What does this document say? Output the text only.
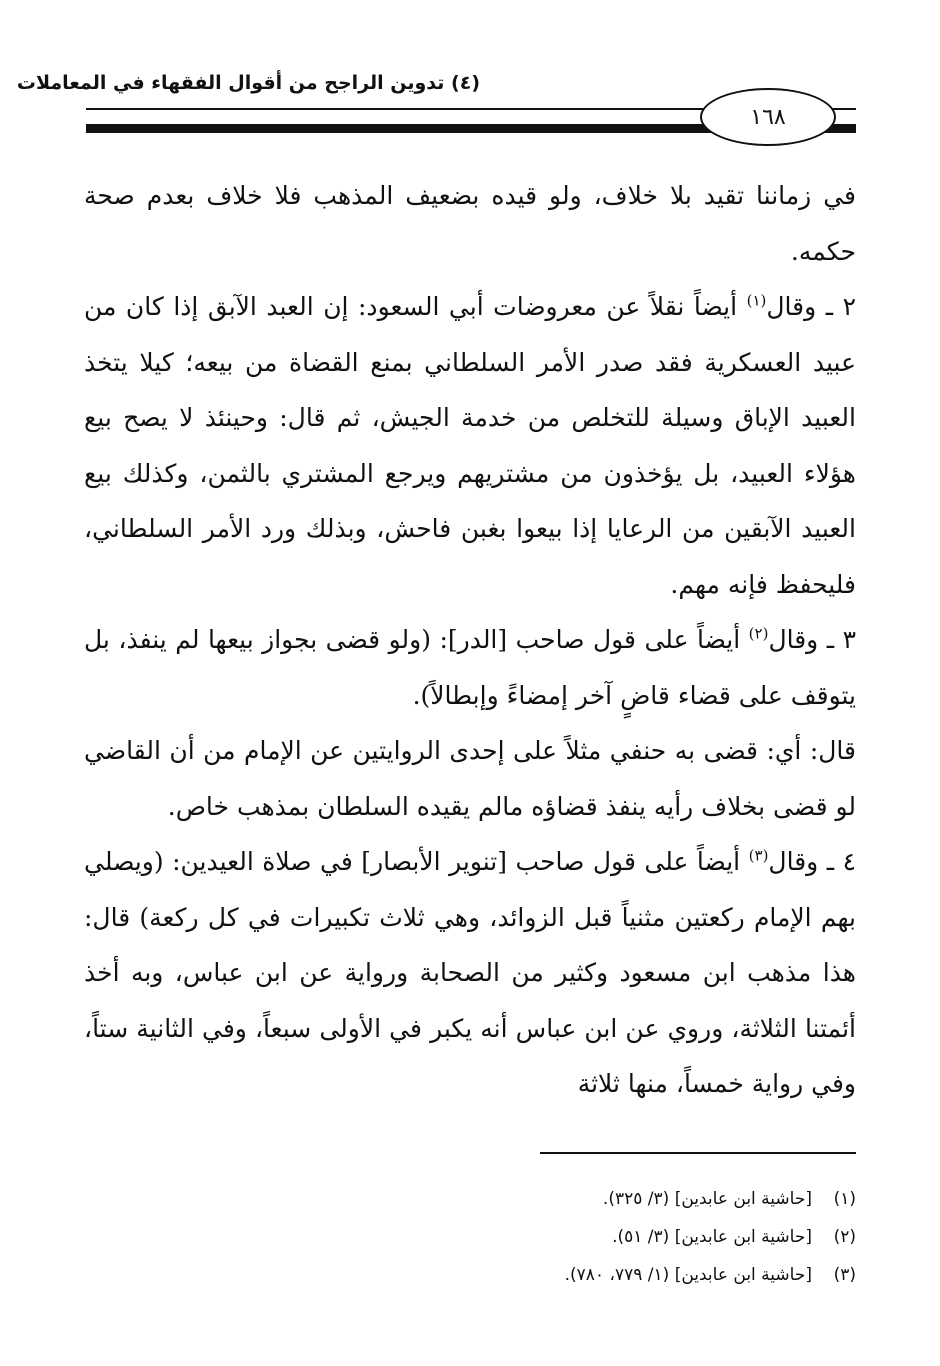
(٤) تدوين الراجح من أقوال الفقهاء في المعاملات
١٦٨

في زماننا تقيد بلا خلاف، ولو قيده بضعيف المذهب فلا خلاف بعدم صحة حكمه.

٢ ـ وقال$^{(١)}$ أيضاً نقلاً عن معروضات أبي السعود: إن العبد الآبق إذا كان من عبيد العسكرية فقد صدر الأمر السلطاني بمنع القضاة من بيعه؛ كيلا يتخذ العبيد الإباق وسيلة للتخلص من خدمة الجيش، ثم قال: وحينئذ لا يصح بيع هؤلاء العبيد، بل يؤخذون من مشتريهم ويرجع المشتري بالثمن، وكذلك بيع العبيد الآبقين من الرعايا إذا بيعوا بغبن فاحش، وبذلك ورد الأمر السلطاني، فليحفظ فإنه مهم.

٣ ـ وقال$^{(٢)}$ أيضاً على قول صاحب [الدر]: (ولو قضى بجواز بيعها لم ينفذ، بل يتوقف على قضاء قاضٍ آخر إمضاءً وإبطالاً).

قال: أي: قضى به حنفي مثلاً على إحدى الروايتين عن الإمام من أن القاضي لو قضى بخلاف رأيه ينفذ قضاؤه مالم يقيده السلطان بمذهب خاص.

٤ ـ وقال$^{(٣)}$ أيضاً على قول صاحب [تنوير الأبصار] في صلاة العيدين: (ويصلي بهم الإمام ركعتين مثنياً قبل الزوائد، وهي ثلاث تكبيرات في كل ركعة) قال: هذا مذهب ابن مسعود وكثير من الصحابة ورواية عن ابن عباس، وبه أخذ أئمتنا الثلاثة، وروي عن ابن عباس أنه يكبر في الأولى سبعاً، وفي الثانية ستاً، وفي رواية خمساً، منها ثلاثة

(١)
[حاشية ابن عابدين] (٣/ ٣٢٥).
(٢)
[حاشية ابن عابدين] (٣/ ٥١).
(٣)
[حاشية ابن عابدين] (١/ ٧٧٩، ٧٨٠).
